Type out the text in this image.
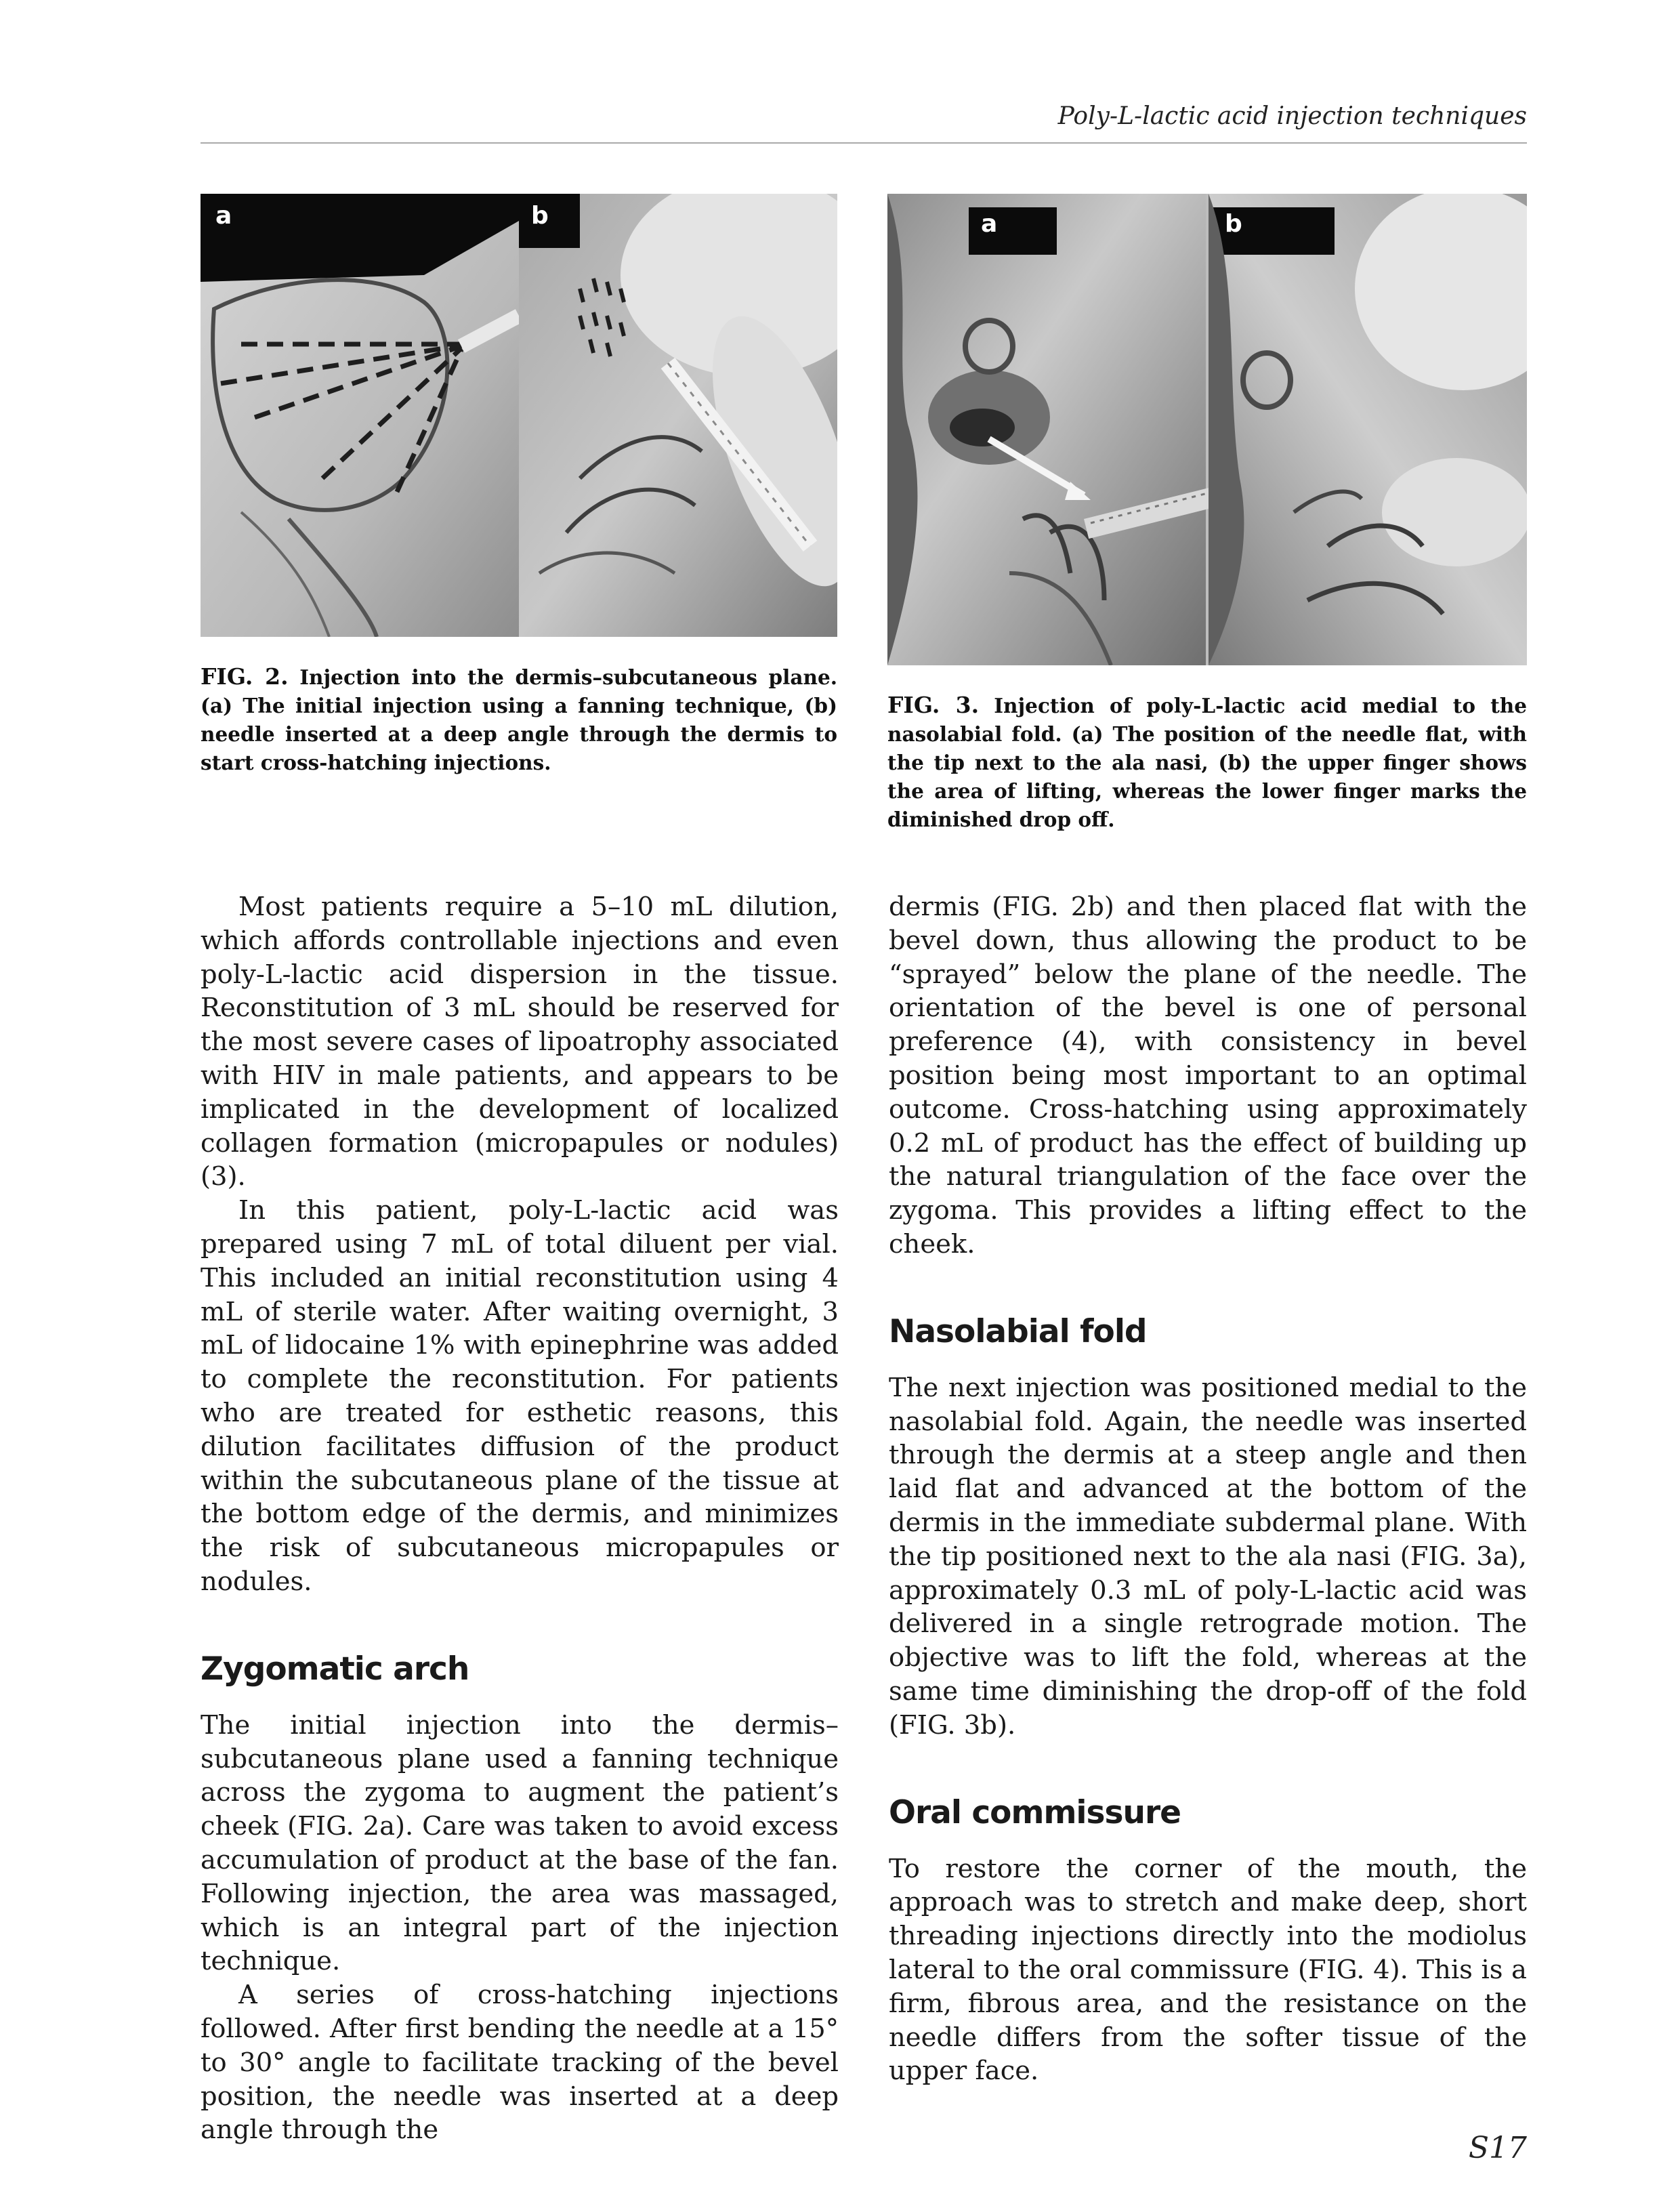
Poly-L-lactic acid injection techniques
a	b
FIG. 2. Injection into the dermis–subcutaneous plane. (a) The initial injection using a fanning technique, (b) needle inserted at a deep angle through the dermis to start cross-hatching injections.
a	b
FIG. 3. Injection of poly-L-lactic acid medial to the nasolabial fold. (a) The position of the needle flat, with the tip next to the ala nasi, (b) the upper finger shows the area of lifting, whereas the lower finger marks the diminished drop off.

Most patients require a 5–10 mL dilution, which affords controllable injections and even poly-L-lactic acid dispersion in the tissue. Reconstitution of 3 mL should be reserved for the most severe cases of lipoatrophy associated with HIV in male patients, and appears to be implicated in the development of localized collagen formation (micropapules or nodules) (3).

In this patient, poly-L-lactic acid was prepared using 7 mL of total diluent per vial. This included an initial reconstitution using 4 mL of sterile water. After waiting overnight, 3 mL of lidocaine 1% with epinephrine was added to complete the reconstitution. For patients who are treated for esthetic reasons, this dilution facilitates diffusion of the product within the subcutaneous plane of the tissue at the bottom edge of the dermis, and minimizes the risk of subcutaneous micropapules or nodules.

Zygomatic arch

The initial injection into the dermis–subcutaneous plane used a fanning technique across the zygoma to augment the patient’s cheek (FIG. 2a). Care was taken to avoid excess accumulation of product at the base of the fan. Following injection, the area was massaged, which is an integral part of the injection technique.

A series of cross-hatching injections followed. After first bending the needle at a 15° to 30° angle to facilitate tracking of the bevel position, the needle was inserted at a deep angle through the

dermis (FIG. 2b) and then placed flat with the bevel down, thus allowing the product to be “sprayed” below the plane of the needle. The orientation of the bevel is one of personal preference (4), with consistency in bevel position being most important to an optimal outcome. Cross-hatching using approximately 0.2 mL of product has the effect of building up the natural triangulation of the face over the zygoma. This provides a lifting effect to the cheek.

Nasolabial fold

The next injection was positioned medial to the nasolabial fold. Again, the needle was inserted through the dermis at a steep angle and then laid flat and advanced at the bottom of the dermis in the immediate subdermal plane. With the tip positioned next to the ala nasi (FIG. 3a), approximately 0.3 mL of poly-L-lactic acid was delivered in a single retrograde motion. The objective was to lift the fold, whereas at the same time diminishing the drop-off of the fold (FIG. 3b).

Oral commissure

To restore the corner of the mouth, the approach was to stretch and make deep, short threading injections directly into the modiolus lateral to the oral commissure (FIG. 4). This is a firm, fibrous area, and the resistance on the needle differs from the softer tissue of the upper face.

S17
